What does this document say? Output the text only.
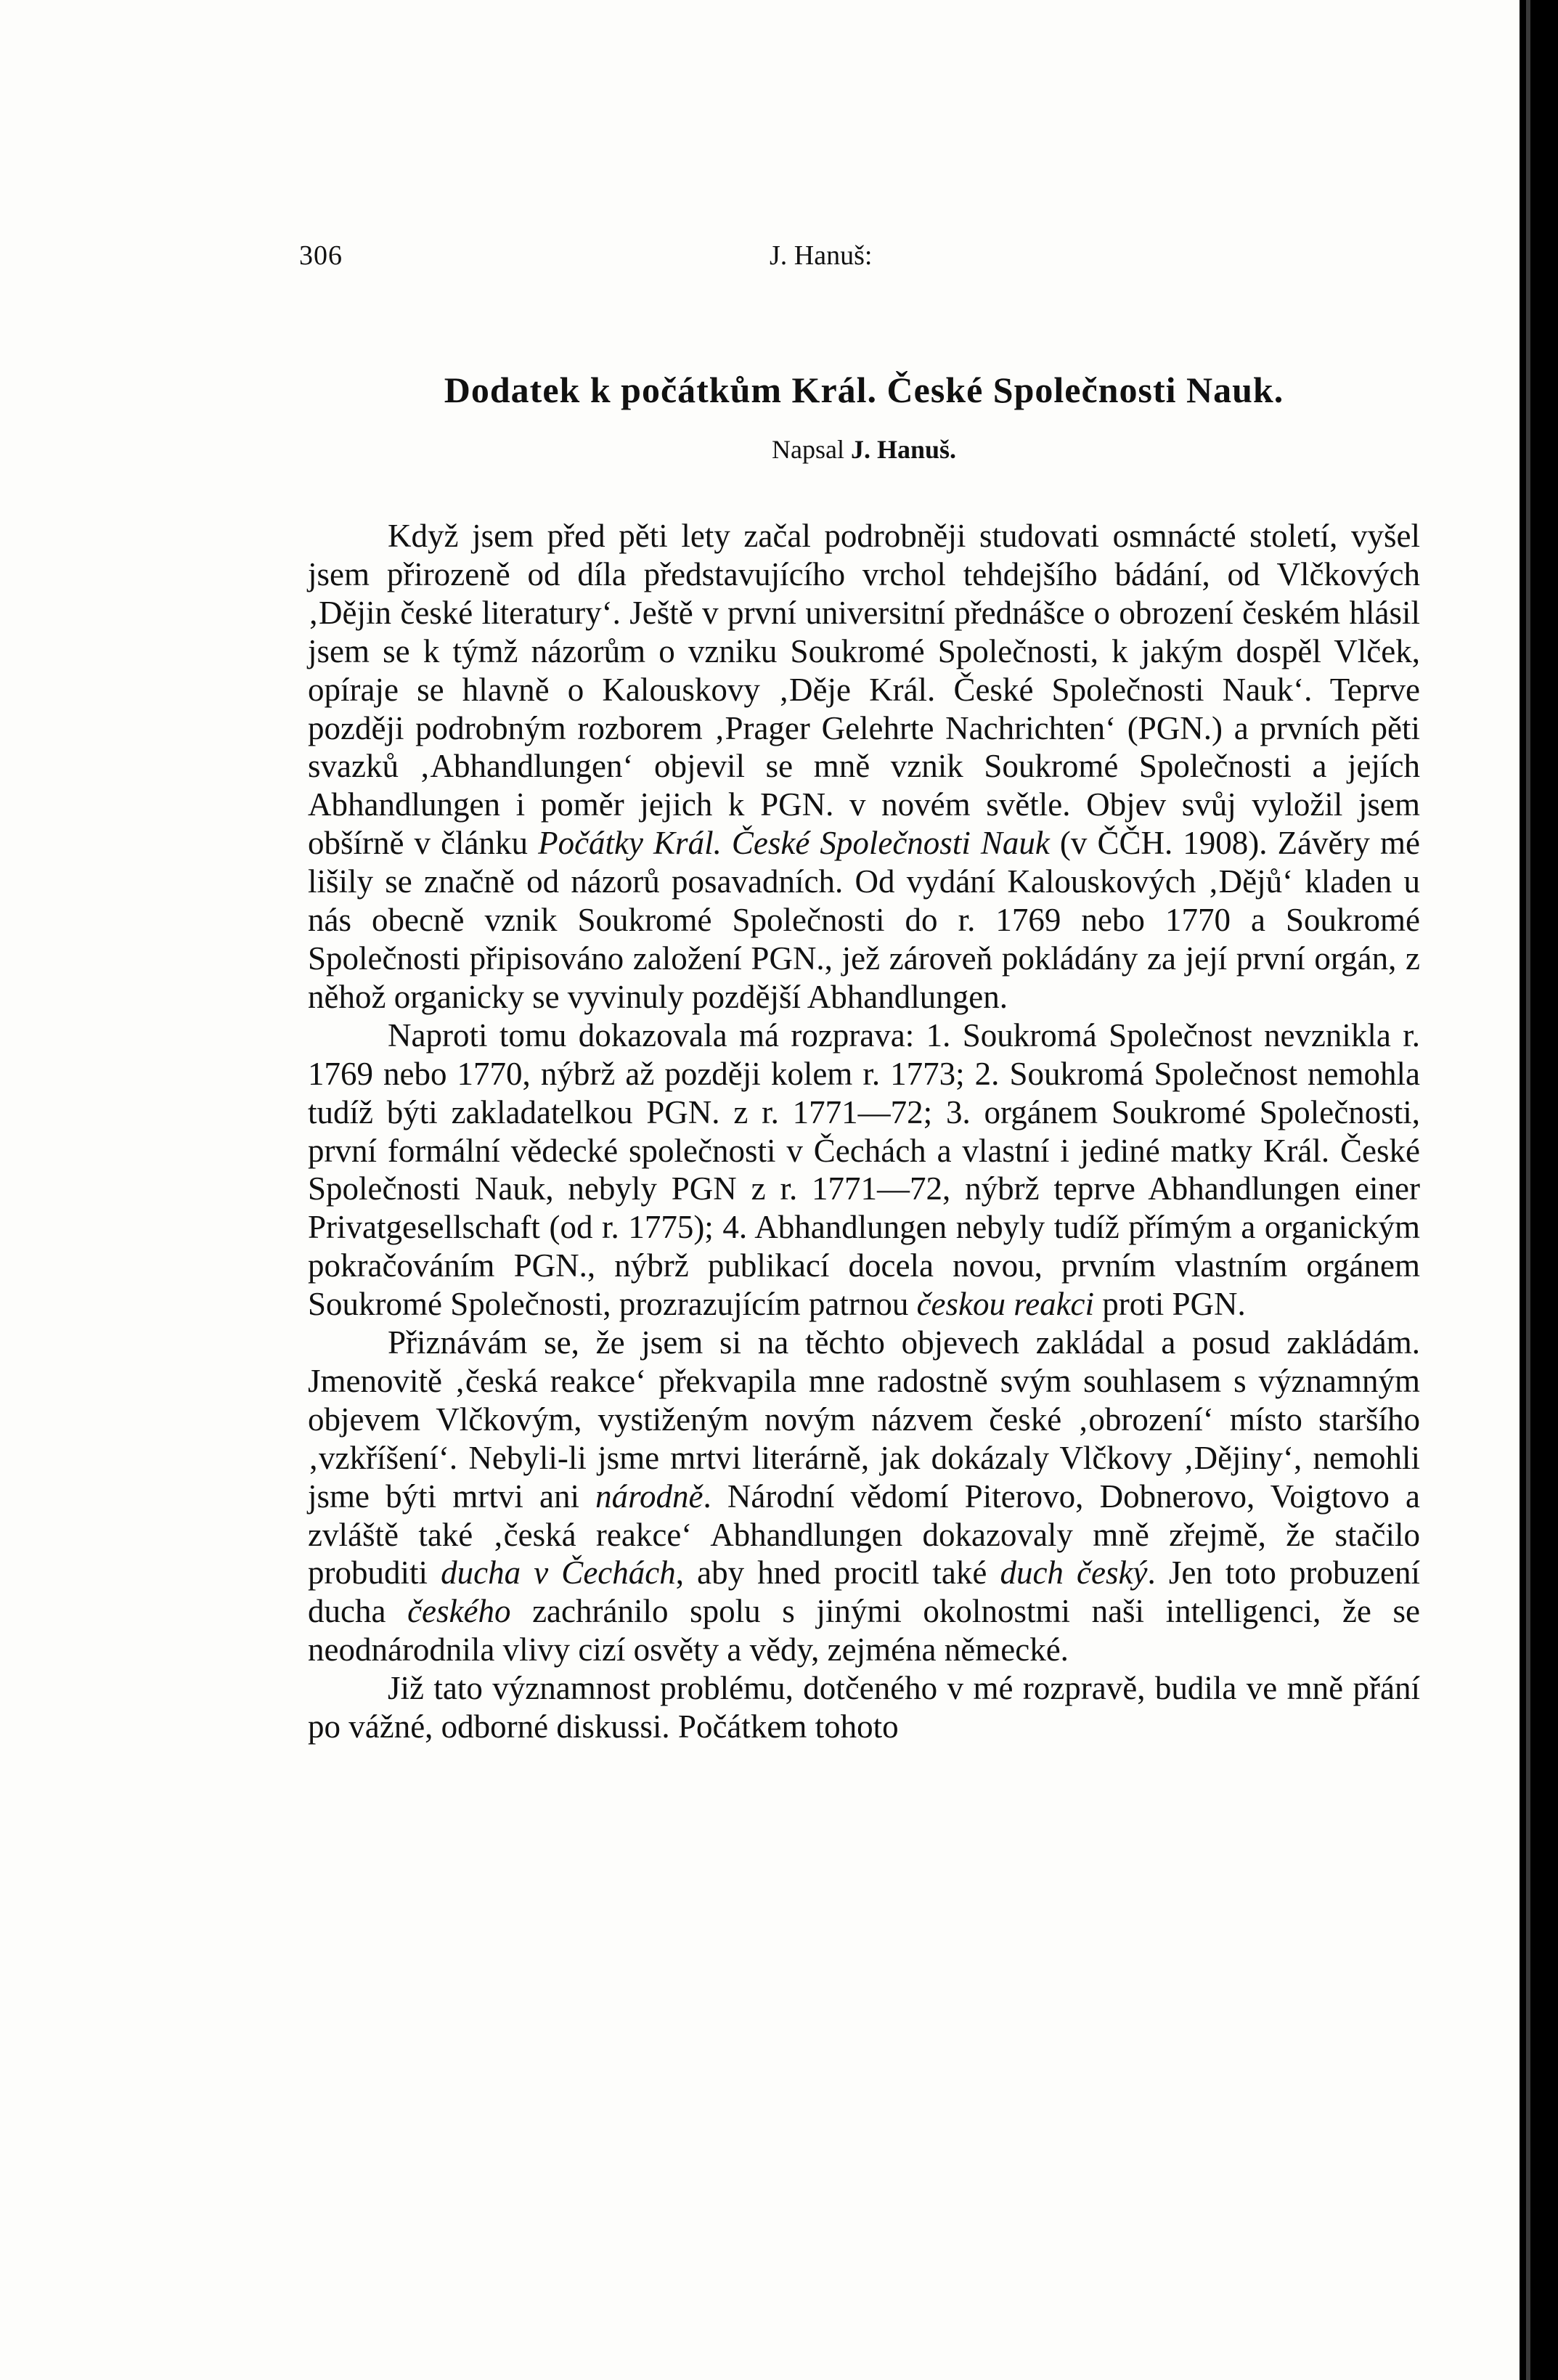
306	J. Hanuš:
Dodatek k počátkům Král. České Společnosti Nauk.
Napsal J. Hanuš.

Když jsem před pěti lety začal podrobněji studovati osmnácté století, vyšel jsem přirozeně od díla představujícího vrchol tehdejšího bádání, od Vlčkových ‚Dějin české literatury‘. Ještě v první universitní přednášce o obrození českém hlásil jsem se k týmž názorům o vzniku Soukromé Společnosti, k jakým dospěl Vlček, opíraje se hlavně o Kalouskovy ‚Děje Král. České Společnosti Nauk‘. Teprve později podrobným rozborem ‚Prager Gelehrte Nachrichten‘ (PGN.) a prvních pěti svazků ‚Abhandlungen‘ objevil se mně vznik Soukromé Společnosti a jejích Abhandlungen i poměr jejich k PGN. v novém světle. Objev svůj vyložil jsem obšírně v článku Počátky Král. České Společnosti Nauk (v ČČH. 1908). Závěry mé lišily se značně od názorů posavadních. Od vydání Kalouskových ‚Dějů‘ kladen u nás obecně vznik Soukromé Společnosti do r. 1769 nebo 1770 a Soukromé Společnosti připisováno založení PGN., jež zároveň pokládány za její první orgán, z něhož organicky se vyvinuly pozdější Abhandlungen.

Naproti tomu dokazovala má rozprava: 1. Soukromá Společnost nevznikla r. 1769 nebo 1770, nýbrž až později kolem r. 1773; 2. Soukromá Společnost nemohla tudíž býti zakladatelkou PGN. z r. 1771—72; 3. orgánem Soukromé Společnosti, první formální vědecké společnosti v Čechách a vlastní i jediné matky Král. České Společnosti Nauk, nebyly PGN z r. 1771—72, nýbrž teprve Abhandlungen einer Privatgesellschaft (od r. 1775); 4. Abhandlungen nebyly tudíž přímým a organickým pokračováním PGN., nýbrž publikací docela novou, prvním vlastním orgánem Soukromé Společnosti, prozrazujícím patrnou českou reakci proti PGN.

Přiznávám se, že jsem si na těchto objevech zakládal a posud zakládám. Jmenovitě ‚česká reakce‘ překvapila mne radostně svým souhlasem s významným objevem Vlčkovým, vystiženým novým názvem české ‚obrození‘ místo staršího ‚vzkříšení‘. Nebyli-li jsme mrtvi literárně, jak dokázaly Vlčkovy ‚Dějiny‘, nemohli jsme býti mrtvi ani národně. Národní vědomí Piterovo, Dobnerovo, Voigtovo a zvláště také ‚česká reakce‘ Abhandlungen dokazovaly mně zřejmě, že stačilo probuditi ducha v Čechách, aby hned procitl také duch český. Jen toto probuzení ducha českého zachránilo spolu s jinými okolnostmi naši intelligenci, že se neodnárodnila vlivy cizí osvěty a vědy, zejména německé.

Již tato významnost problému, dotčeného v mé rozpravě, budila ve mně přání po vážné, odborné diskussi. Počátkem tohoto
